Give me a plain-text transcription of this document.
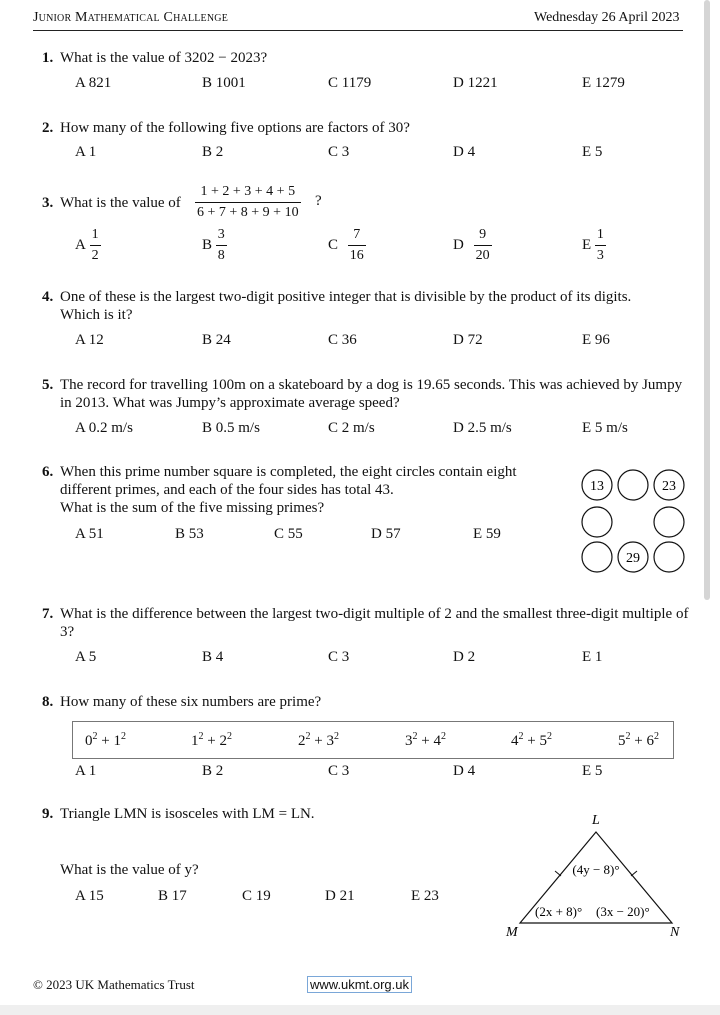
Junior Mathematical Challenge	Wednesday 26 April 2023
1. What is the value of 3202 − 2023?
A 821	B 1001	C 1179	D 1221	E 1279
2. How many of the following five options are factors of 30?
A 1	B 2	C 3	D 4	E 5
3. What is the value of $\frac{1 + 2 + 3 + 4 + 5}{6 + 7 + 8 + 9 + 10}$ ?
A $\frac{1}{2}$	B $\frac{3}{8}$	C $\frac{7}{16}$	D $\frac{9}{20}$	E $\frac{1}{3}$
4. One of these is the largest two-digit positive integer that is divisible by the product of its digits. Which is it?
A 12	B 24	C 36	D 72	E 96
5. The record for travelling 100m on a skateboard by a dog is 19.65 seconds. This was achieved by Jumpy in 2013. What was Jumpy’s approximate average speed?
A 0.2 m/s	B 0.5 m/s	C 2 m/s	D 2.5 m/s	E 5 m/s
6. When this prime number square is completed, the eight circles contain eight
different primes, and each of the four sides has total 43.
What is the sum of the five missing primes?
A 51	B 53	C 55	D 57	E 59
13	23
29
7. What is the difference between the largest two-digit multiple of 2 and the smallest three-digit multiple of 3?
A 5	B 4	C 3	D 2	E 1
8. How many of these six numbers are prime?
$0^2 + 1^2$	$1^2 + 2^2$	$2^2 + 3^2$	$3^2 + 4^2$	$4^2 + 5^2$	$5^2 + 6^2$
A 1	B 2	C 3	D 4	E 5
9. Triangle LMN is isosceles with LM = LN.
What is the value of y?
A 15	B 17	C 19	D 21	E 23
L
M	N
(4y − 8)°
(2x + 8)° (3x − 20)°
© 2023 UK Mathematics Trust	www.ukmt.org.uk
